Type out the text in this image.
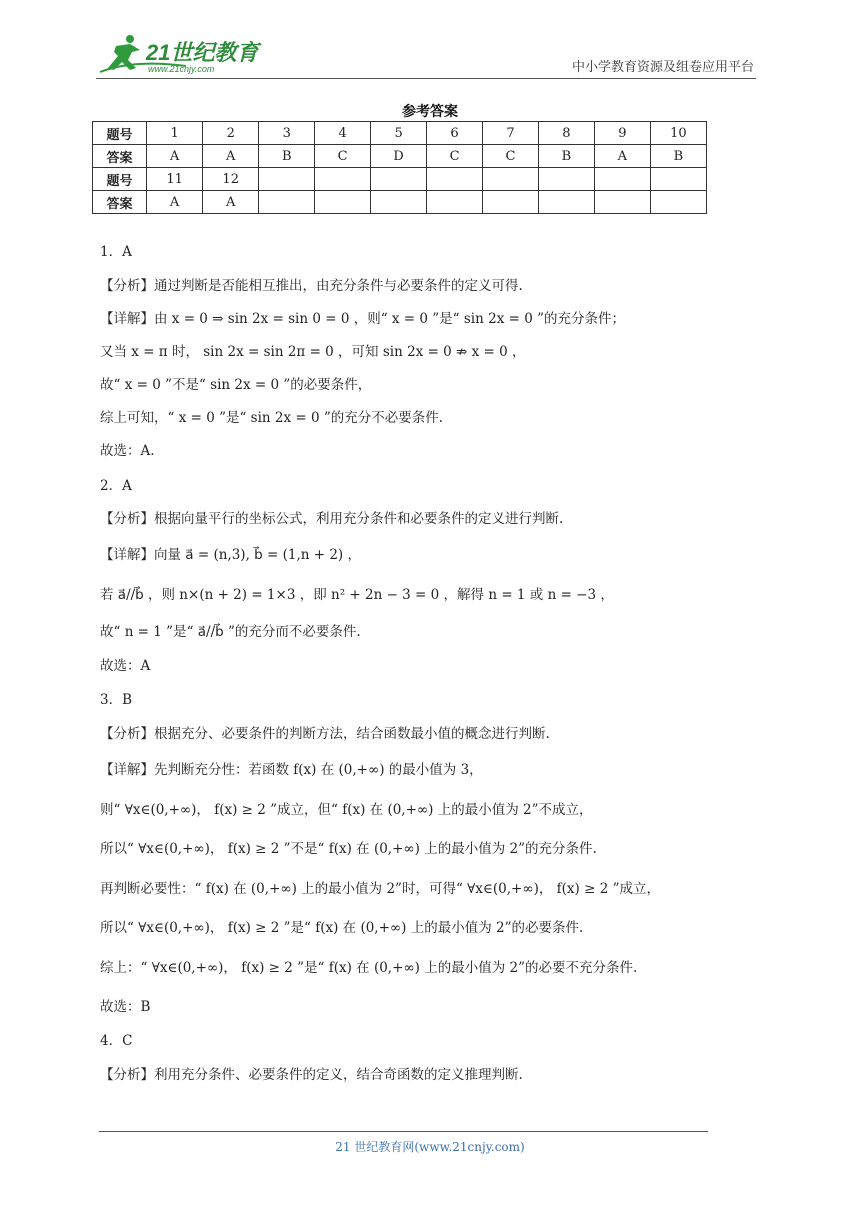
21世纪教育
www.21cnjy.com	中小学教育资源及组卷应用平台
参考答案
题号	1	2	3	4	5	6	7	8	9	10
答案	A	A	B	C	D	C	C	B	A	B
题号	11	12								
答案	A	A								
1．A
【分析】通过判断是否能相互推出，由充分条件与必要条件的定义可得.
【详解】由 x = 0 ⇒ sin 2x = sin 0 = 0 ，则“ x = 0 ”是“ sin 2x = 0 ”的充分条件；
又当 x = π 时， sin 2x = sin 2π = 0 ，可知 sin 2x = 0 ⇏ x = 0 ，
故“ x = 0 ”不是“ sin 2x = 0 ”的必要条件，
综上可知，“ x = 0 ”是“ sin 2x = 0 ”的充分不必要条件.
故选：A.
2．A
【分析】根据向量平行的坐标公式，利用充分条件和必要条件的定义进行判断.
【详解】向量 a⃗ = (n,3), b⃗ = (1,n + 2) ，
若 a⃗//b⃗ ，则 n×(n + 2) = 1×3 ，即 n² + 2n − 3 = 0 ，解得 n = 1 或 n = −3 ，
故“ n = 1 ”是“ a⃗//b⃗ ”的充分而不必要条件.
故选：A
3．B
【分析】根据充分、必要条件的判断方法，结合函数最小值的概念进行判断.
【详解】先判断充分性：若函数 f(x) 在 (0,+∞) 的最小值为 3，
则“ ∀x∈(0,+∞)， f(x) ≥ 2 ”成立，但“ f(x) 在 (0,+∞) 上的最小值为 2”不成立，
所以“ ∀x∈(0,+∞)， f(x) ≥ 2 ”不是“ f(x) 在 (0,+∞) 上的最小值为 2”的充分条件.
再判断必要性：“ f(x) 在 (0,+∞) 上的最小值为 2”时，可得“ ∀x∈(0,+∞)， f(x) ≥ 2 ”成立，
所以“ ∀x∈(0,+∞)， f(x) ≥ 2 ”是“ f(x) 在 (0,+∞) 上的最小值为 2”的必要条件.
综上：“ ∀x∈(0,+∞)， f(x) ≥ 2 ”是“ f(x) 在 (0,+∞) 上的最小值为 2”的必要不充分条件.
故选：B
4．C
【分析】利用充分条件、必要条件的定义，结合奇函数的定义推理判断.
21 世纪教育网(www.21cnjy.com)
